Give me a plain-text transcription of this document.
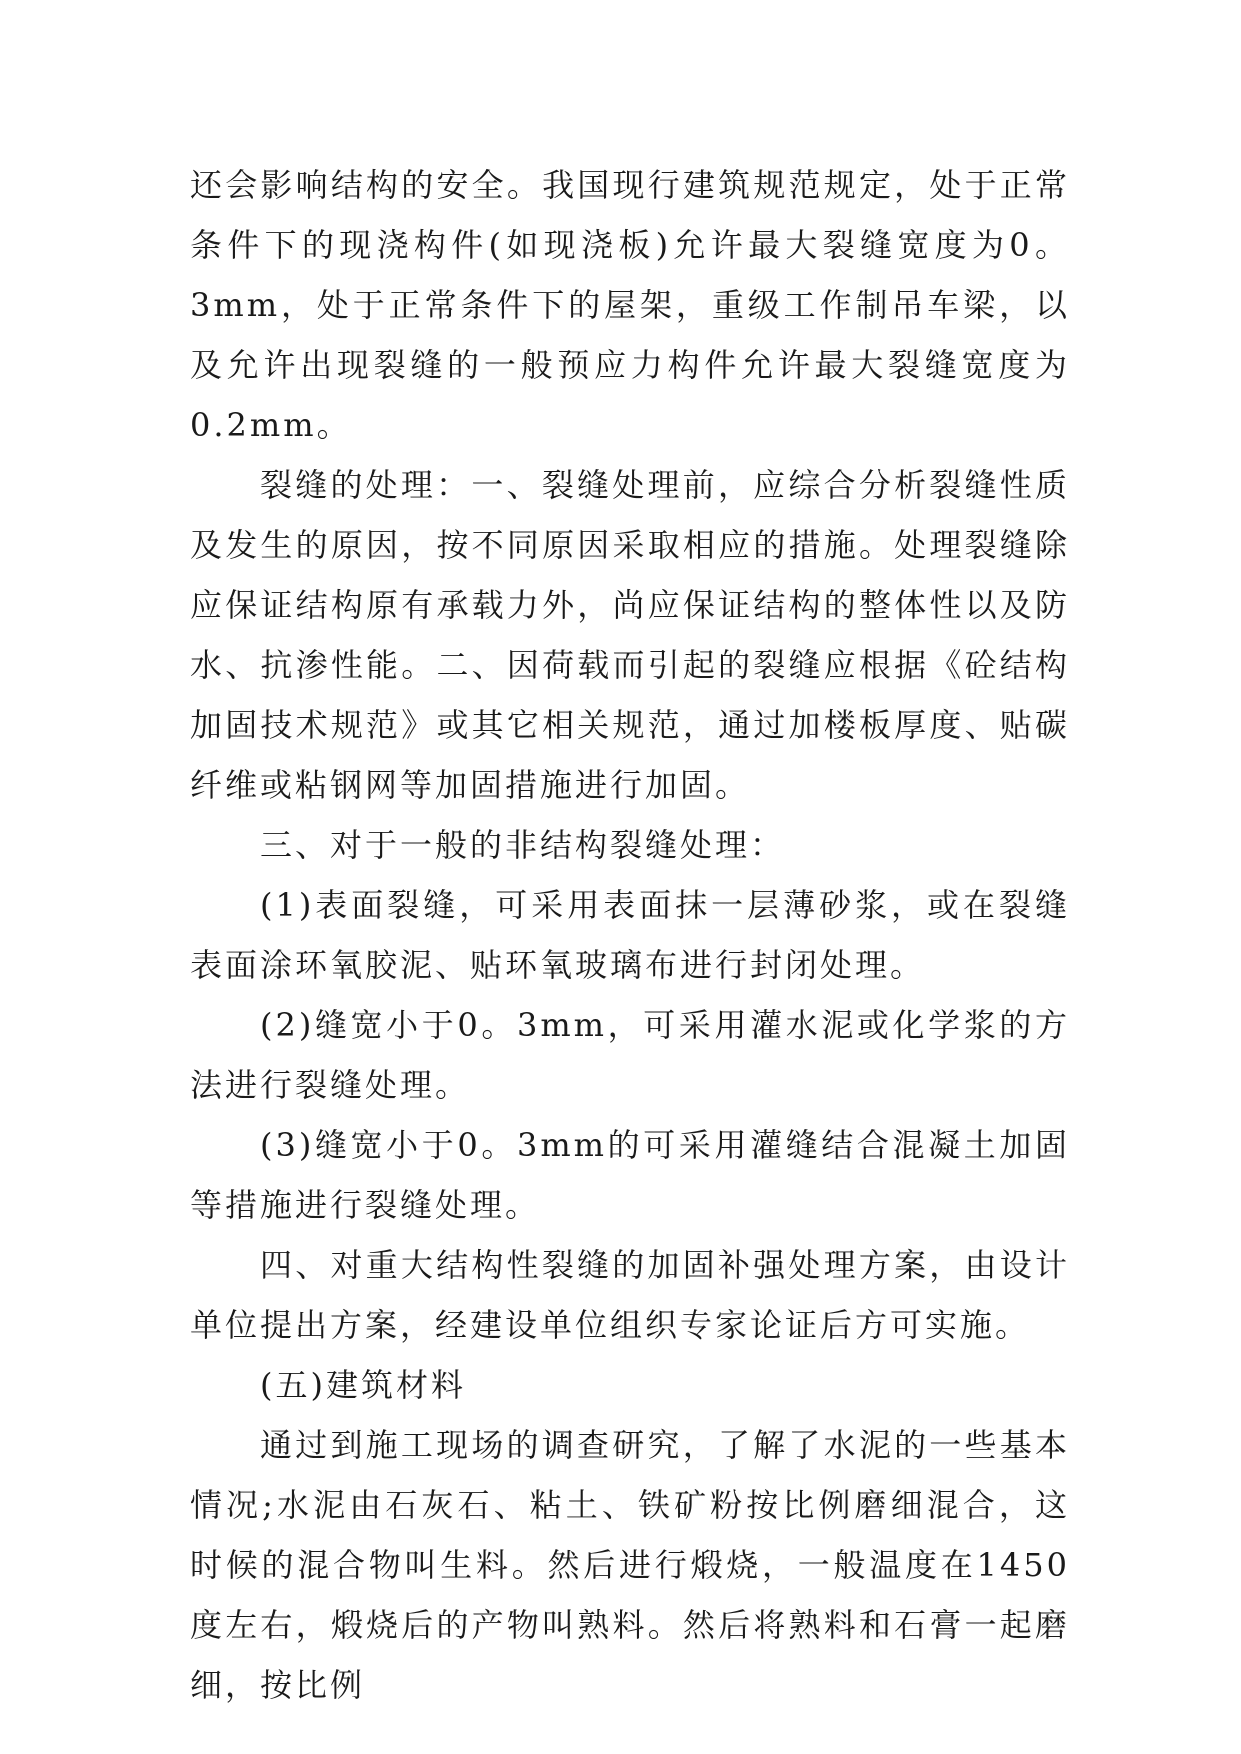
还会影响结构的安全。我国现行建筑规范规定，处于正常条件下的现浇构件(如现浇板)允许最大裂缝宽度为0。3mm，处于正常条件下的屋架，重级工作制吊车梁，以及允许出现裂缝的一般预应力构件允许最大裂缝宽度为0.2mm。

裂缝的处理：一、裂缝处理前，应综合分析裂缝性质及发生的原因，按不同原因采取相应的措施。处理裂缝除应保证结构原有承载力外，尚应保证结构的整体性以及防水、抗渗性能。二、因荷载而引起的裂缝应根据《砼结构加固技术规范》或其它相关规范，通过加楼板厚度、贴碳纤维或粘钢网等加固措施进行加固。

三、对于一般的非结构裂缝处理：

(1)表面裂缝，可采用表面抹一层薄砂浆，或在裂缝表面涂环氧胶泥、贴环氧玻璃布进行封闭处理。

(2)缝宽小于0。3mm，可采用灌水泥或化学浆的方法进行裂缝处理。

(3)缝宽小于0。3mm的可采用灌缝结合混凝土加固等措施进行裂缝处理。

四、对重大结构性裂缝的加固补强处理方案，由设计单位提出方案，经建设单位组织专家论证后方可实施。

(五)建筑材料

通过到施工现场的调查研究，了解了水泥的一些基本情况;水泥由石灰石、粘土、铁矿粉按比例磨细混合，这时候的混合物叫生料。然后进行煅烧，一般温度在1450度左右，煅烧后的产物叫熟料。然后将熟料和石膏一起磨细，按比例
